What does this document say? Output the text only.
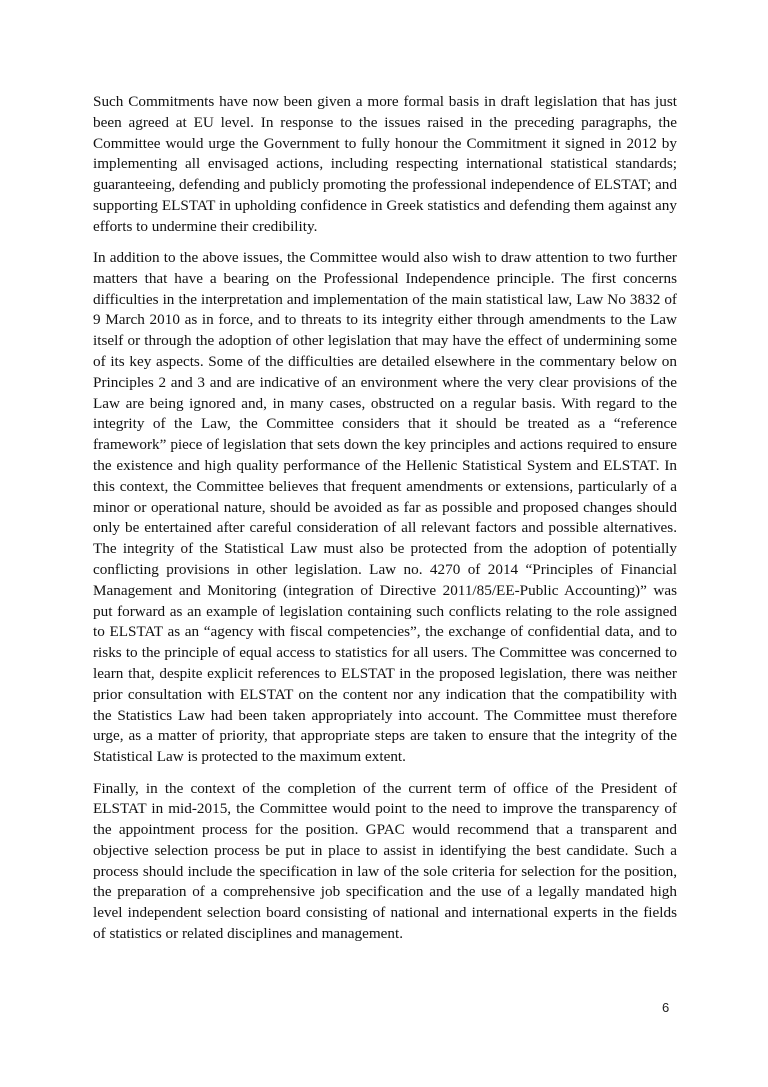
Such Commitments have now been given a more formal basis in draft legislation that has just been agreed at EU level. In response to the issues raised in the preceding paragraphs, the Committee would urge the Government to fully honour the Commitment it signed in 2012 by implementing all envisaged actions, including respecting international statistical standards; guaranteeing, defending and publicly promoting the professional independence of ELSTAT; and supporting ELSTAT in upholding confidence in Greek statistics and defending them against any efforts to undermine their credibility.

In addition to the above issues, the Committee would also wish to draw attention to two further matters that have a bearing on the Professional Independence principle. The first concerns difficulties in the interpretation and implementation of the main statistical law, Law No 3832 of 9 March 2010 as in force, and to threats to its integrity either through amendments to the Law itself or through the adoption of other legislation that may have the effect of undermining some of its key aspects. Some of the difficulties are detailed elsewhere in the commentary below on Principles 2 and 3 and are indicative of an environment where the very clear provisions of the Law are being ignored and, in many cases, obstructed on a regular basis. With regard to the integrity of the Law, the Committee considers that it should be treated as a “reference framework” piece of legislation that sets down the key principles and actions required to ensure the existence and high quality performance of the Hellenic Statistical System and ELSTAT. In this context, the Committee believes that frequent amendments or extensions, particularly of a minor or operational nature, should be avoided as far as possible and proposed changes should only be entertained after careful consideration of all relevant factors and possible alternatives. The integrity of the Statistical Law must also be protected from the adoption of potentially conflicting provisions in other legislation. Law no. 4270 of 2014 “Principles of Financial Management and Monitoring (integration of Directive 2011/85/EE-Public Accounting)” was put forward as an example of legislation containing such conflicts relating to the role assigned to ELSTAT as an “agency with fiscal competencies”, the exchange of confidential data, and to risks to the principle of equal access to statistics for all users. The Committee was concerned to learn that, despite explicit references to ELSTAT in the proposed legislation, there was neither prior consultation with ELSTAT on the content nor any indication that the compatibility with the Statistics Law had been taken appropriately into account. The Committee must therefore urge, as a matter of priority, that appropriate steps are taken to ensure that the integrity of the Statistical Law is protected to the maximum extent.

Finally, in the context of the completion of the current term of office of the President of ELSTAT in mid-2015, the Committee would point to the need to improve the transparency of the appointment process for the position. GPAC would recommend that a transparent and objective selection process be put in place to assist in identifying the best candidate. Such a process should include the specification in law of the sole criteria for selection for the position, the preparation of a comprehensive job specification and the use of a legally mandated high level independent selection board consisting of national and international experts in the fields of statistics or related disciplines and management.

6
